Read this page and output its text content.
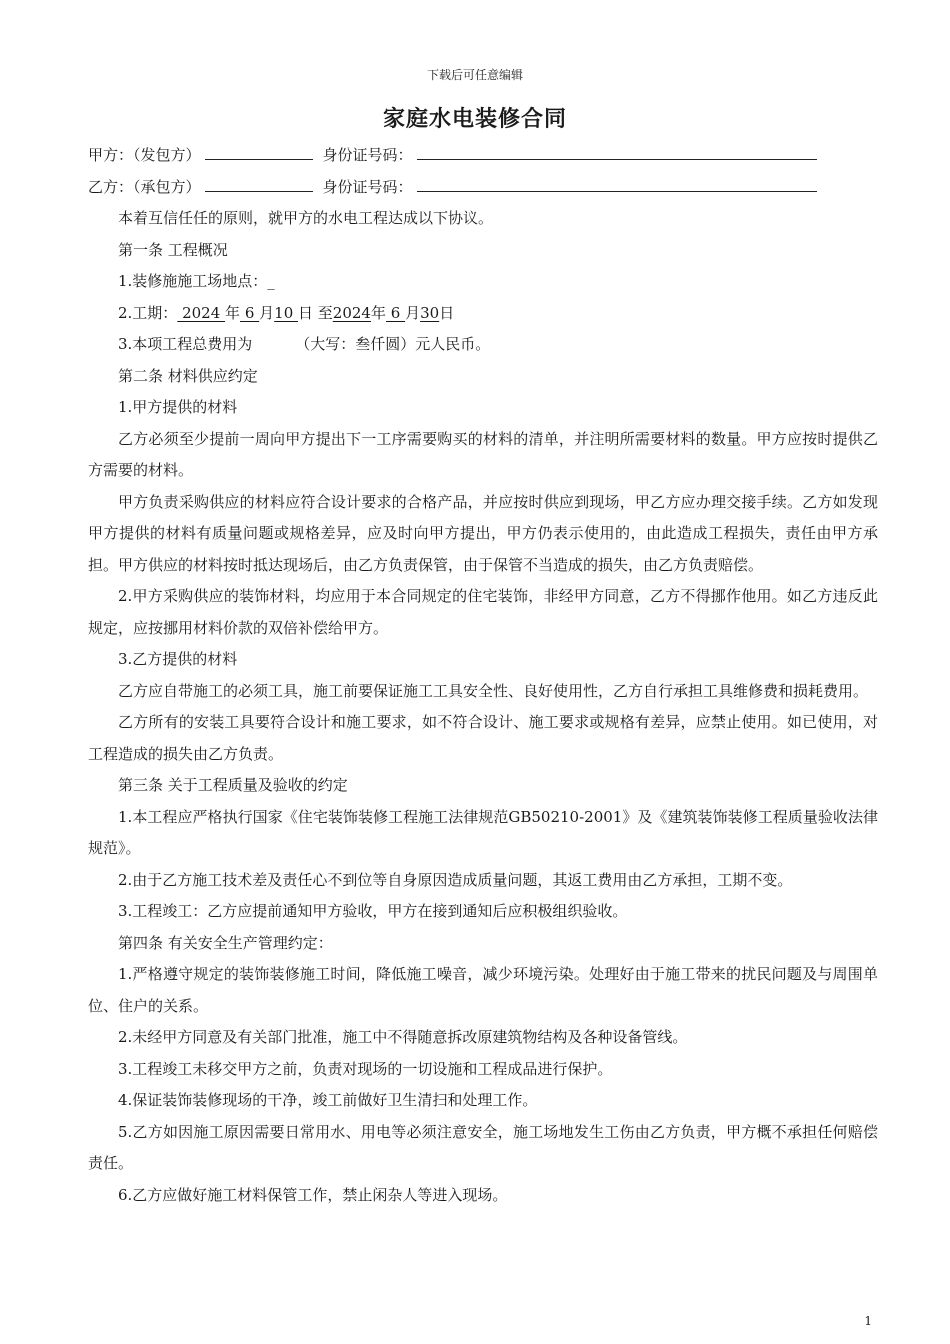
下载后可任意编辑
家庭水电装修合同
甲方：（发包方）	身份证号码：
乙方：（承包方）	身份证号码：
本着互信任任的原则，就甲方的水电工程达成以下协议。
第一条 工程概况
1.装修施施工场地点：_
2.工期： 2024 年 6 月10 日 至2024年 6 月30日
3.本项工程总费用为         （大写：叁仟圆）元人民币。
第二条 材料供应约定
1.甲方提供的材料

乙方必须至少提前一周向甲方提出下一工序需要购买的材料的清单，并注明所需要材料的数量。甲方应按时提供乙方需要的材料。

甲方负责采购供应的材料应符合设计要求的合格产品，并应按时供应到现场，甲乙方应办理交接手续。乙方如发现甲方提供的材料有质量问题或规格差异，应及时向甲方提出，甲方仍表示使用的，由此造成工程损失，责任由甲方承担。甲方供应的材料按时抵达现场后，由乙方负责保管，由于保管不当造成的损失，由乙方负责赔偿。

2.甲方采购供应的装饰材料，均应用于本合同规定的住宅装饰，非经甲方同意，乙方不得挪作他用。如乙方违反此规定，应按挪用材料价款的双倍补偿给甲方。

3.乙方提供的材料

乙方应自带施工的必须工具，施工前要保证施工工具安全性、良好使用性，乙方自行承担工具维修费和损耗费用。

乙方所有的安装工具要符合设计和施工要求，如不符合设计、施工要求或规格有差异，应禁止使用。如已使用，对工程造成的损失由乙方负责。

第三条 关于工程质量及验收的约定

1.本工程应严格执行国家《住宅装饰装修工程施工法律规范GB50210-2001》及《建筑装饰装修工程质量验收法律规范》。

2.由于乙方施工技术差及责任心不到位等自身原因造成质量问题，其返工费用由乙方承担，工期不变。

3.工程竣工：乙方应提前通知甲方验收，甲方在接到通知后应积极组织验收。

第四条 有关安全生产管理约定：

1.严格遵守规定的装饰装修施工时间，降低施工噪音，减少环境污染。处理好由于施工带来的扰民问题及与周围单位、住户的关系。

2.未经甲方同意及有关部门批准，施工中不得随意拆改原建筑物结构及各种设备管线。

3.工程竣工未移交甲方之前，负责对现场的一切设施和工程成品进行保护。

4.保证装饰装修现场的干净，竣工前做好卫生清扫和处理工作。

5.乙方如因施工原因需要日常用水、用电等必须注意安全，施工场地发生工伤由乙方负责，甲方概不承担任何赔偿责任。

6.乙方应做好施工材料保管工作，禁止闲杂人等进入现场。

1
